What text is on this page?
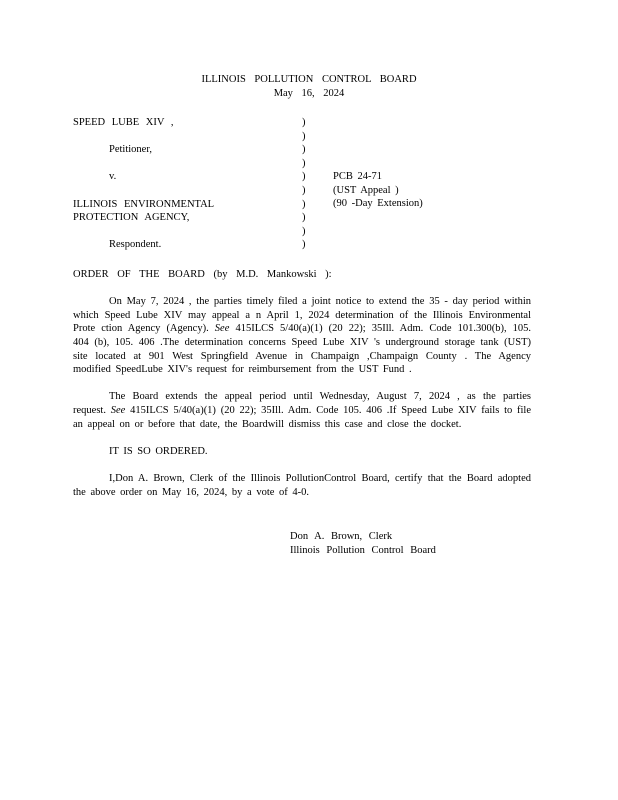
ILLINOIS POLLUTION CONTROL BOARD
May 16, 2024
SPEED LUBE XIV ,
Petitioner,
v.
ILLINOIS ENVIRONMENTAL
PROTECTION AGENCY,
Respondent.
)
)
)
)
)
)
)
)
)
)
PCB 24-71
(UST Appeal )
(90 -Day Extension)
ORDER OF THE BOARD (by M.D. Mankowski ):

On May 7, 2024 , the parties timely filed a joint notice to extend the 35 - day period within which Speed Lube XIV may appeal a n April 1, 2024 determination of the Illinois Environmental Prote ction Agency (Agency). See 415ILCS 5/40(a)(1) (20 22); 35Ill. Adm. Code 101.300(b), 105. 404 (b), 105. 406 .The determination concerns Speed Lube XIV 's underground storage tank (UST) site located at 901 West Springfield Avenue in Champaign ,Champaign County . The Agency modified SpeedLube XIV's request for reimbursement from the UST Fund .

The Board extends the appeal period until Wednesday, August 7, 2024 , as the parties request. See 415ILCS 5/40(a)(1) (20 22); 35Ill. Adm. Code 105. 406 .If Speed Lube XIV fails to file an appeal on or before that date, the Boardwill dismiss this case and close the docket.

IT IS SO ORDERED.

I,Don A. Brown, Clerk of the Illinois PollutionControl Board, certify that the Board adopted the above order on May 16, 2024, by a vote of 4-0.

Don A. Brown, Clerk
Illinois Pollution Control Board
